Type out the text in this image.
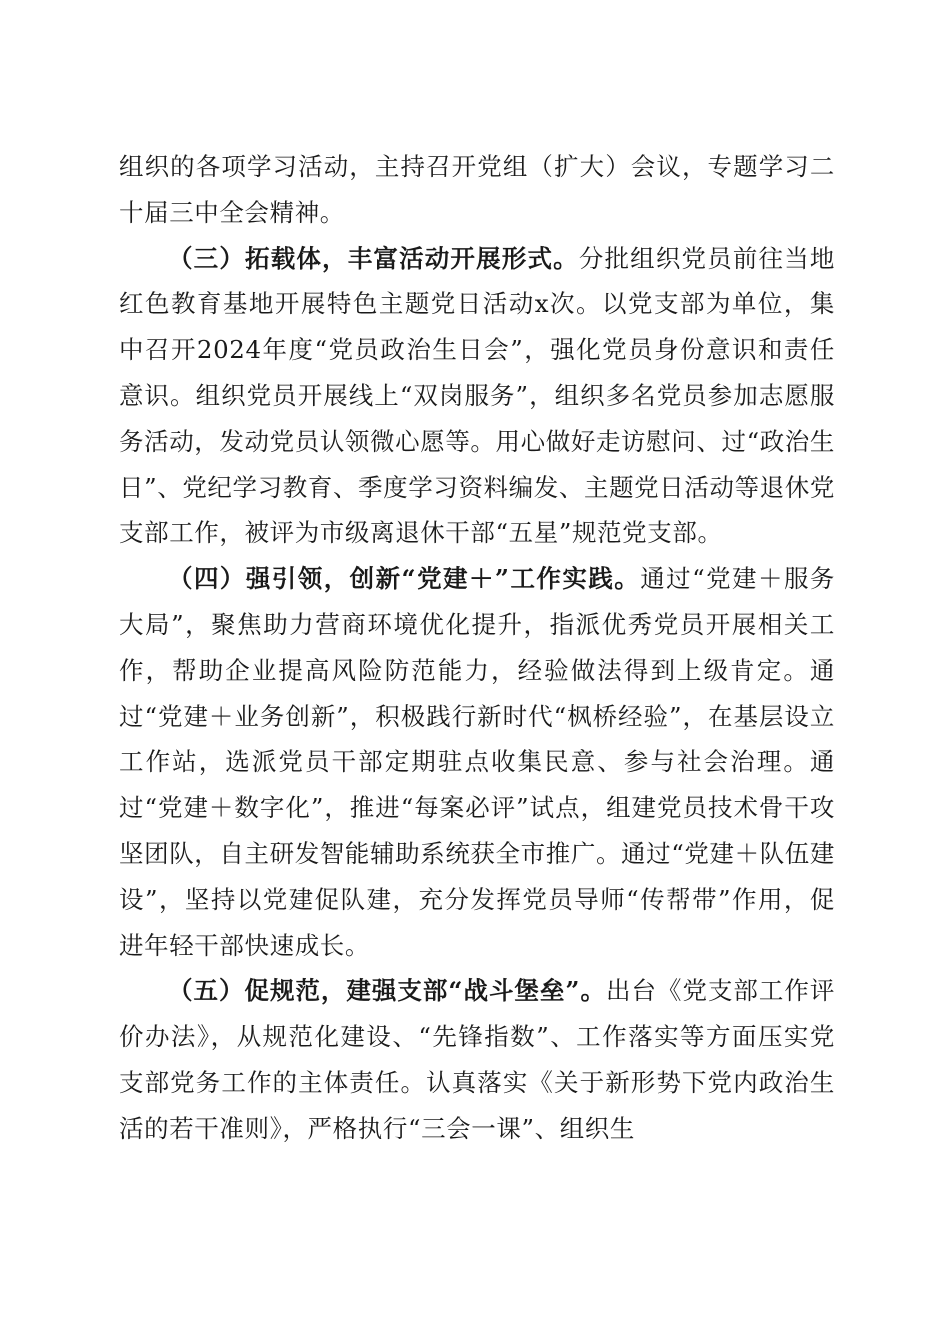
组织的各项学习活动，主持召开党组（扩大）会议，专题学习二十届三中全会精神。

（三）拓载体，丰富活动开展形式。分批组织党员前往当地红色教育基地开展特色主题党日活动x次。以党支部为单位，集中召开2024年度“党员政治生日会”，强化党员身份意识和责任意识。组织党员开展线上“双岗服务”，组织多名党员参加志愿服务活动，发动党员认领微心愿等。用心做好走访慰问、过“政治生日”、党纪学习教育、季度学习资料编发、主题党日活动等退休党支部工作，被评为市级离退休干部“五星”规范党支部。

（四）强引领，创新“党建＋”工作实践。通过“党建＋服务大局”，聚焦助力营商环境优化提升，指派优秀党员开展相关工作，帮助企业提高风险防范能力，经验做法得到上级肯定。通过“党建＋业务创新”，积极践行新时代“枫桥经验”，在基层设立工作站，选派党员干部定期驻点收集民意、参与社会治理。通过“党建＋数字化”，推进“每案必评”试点，组建党员技术骨干攻坚团队，自主研发智能辅助系统获全市推广。通过“党建＋队伍建设”，坚持以党建促队建，充分发挥党员导师“传帮带”作用，促进年轻干部快速成长。

（五）促规范，建强支部“战斗堡垒”。出台《党支部工作评价办法》，从规范化建设、“先锋指数”、工作落实等方面压实党支部党务工作的主体责任。认真落实《关于新形势下党内政治生活的若干准则》，严格执行“三会一课”、组织生
